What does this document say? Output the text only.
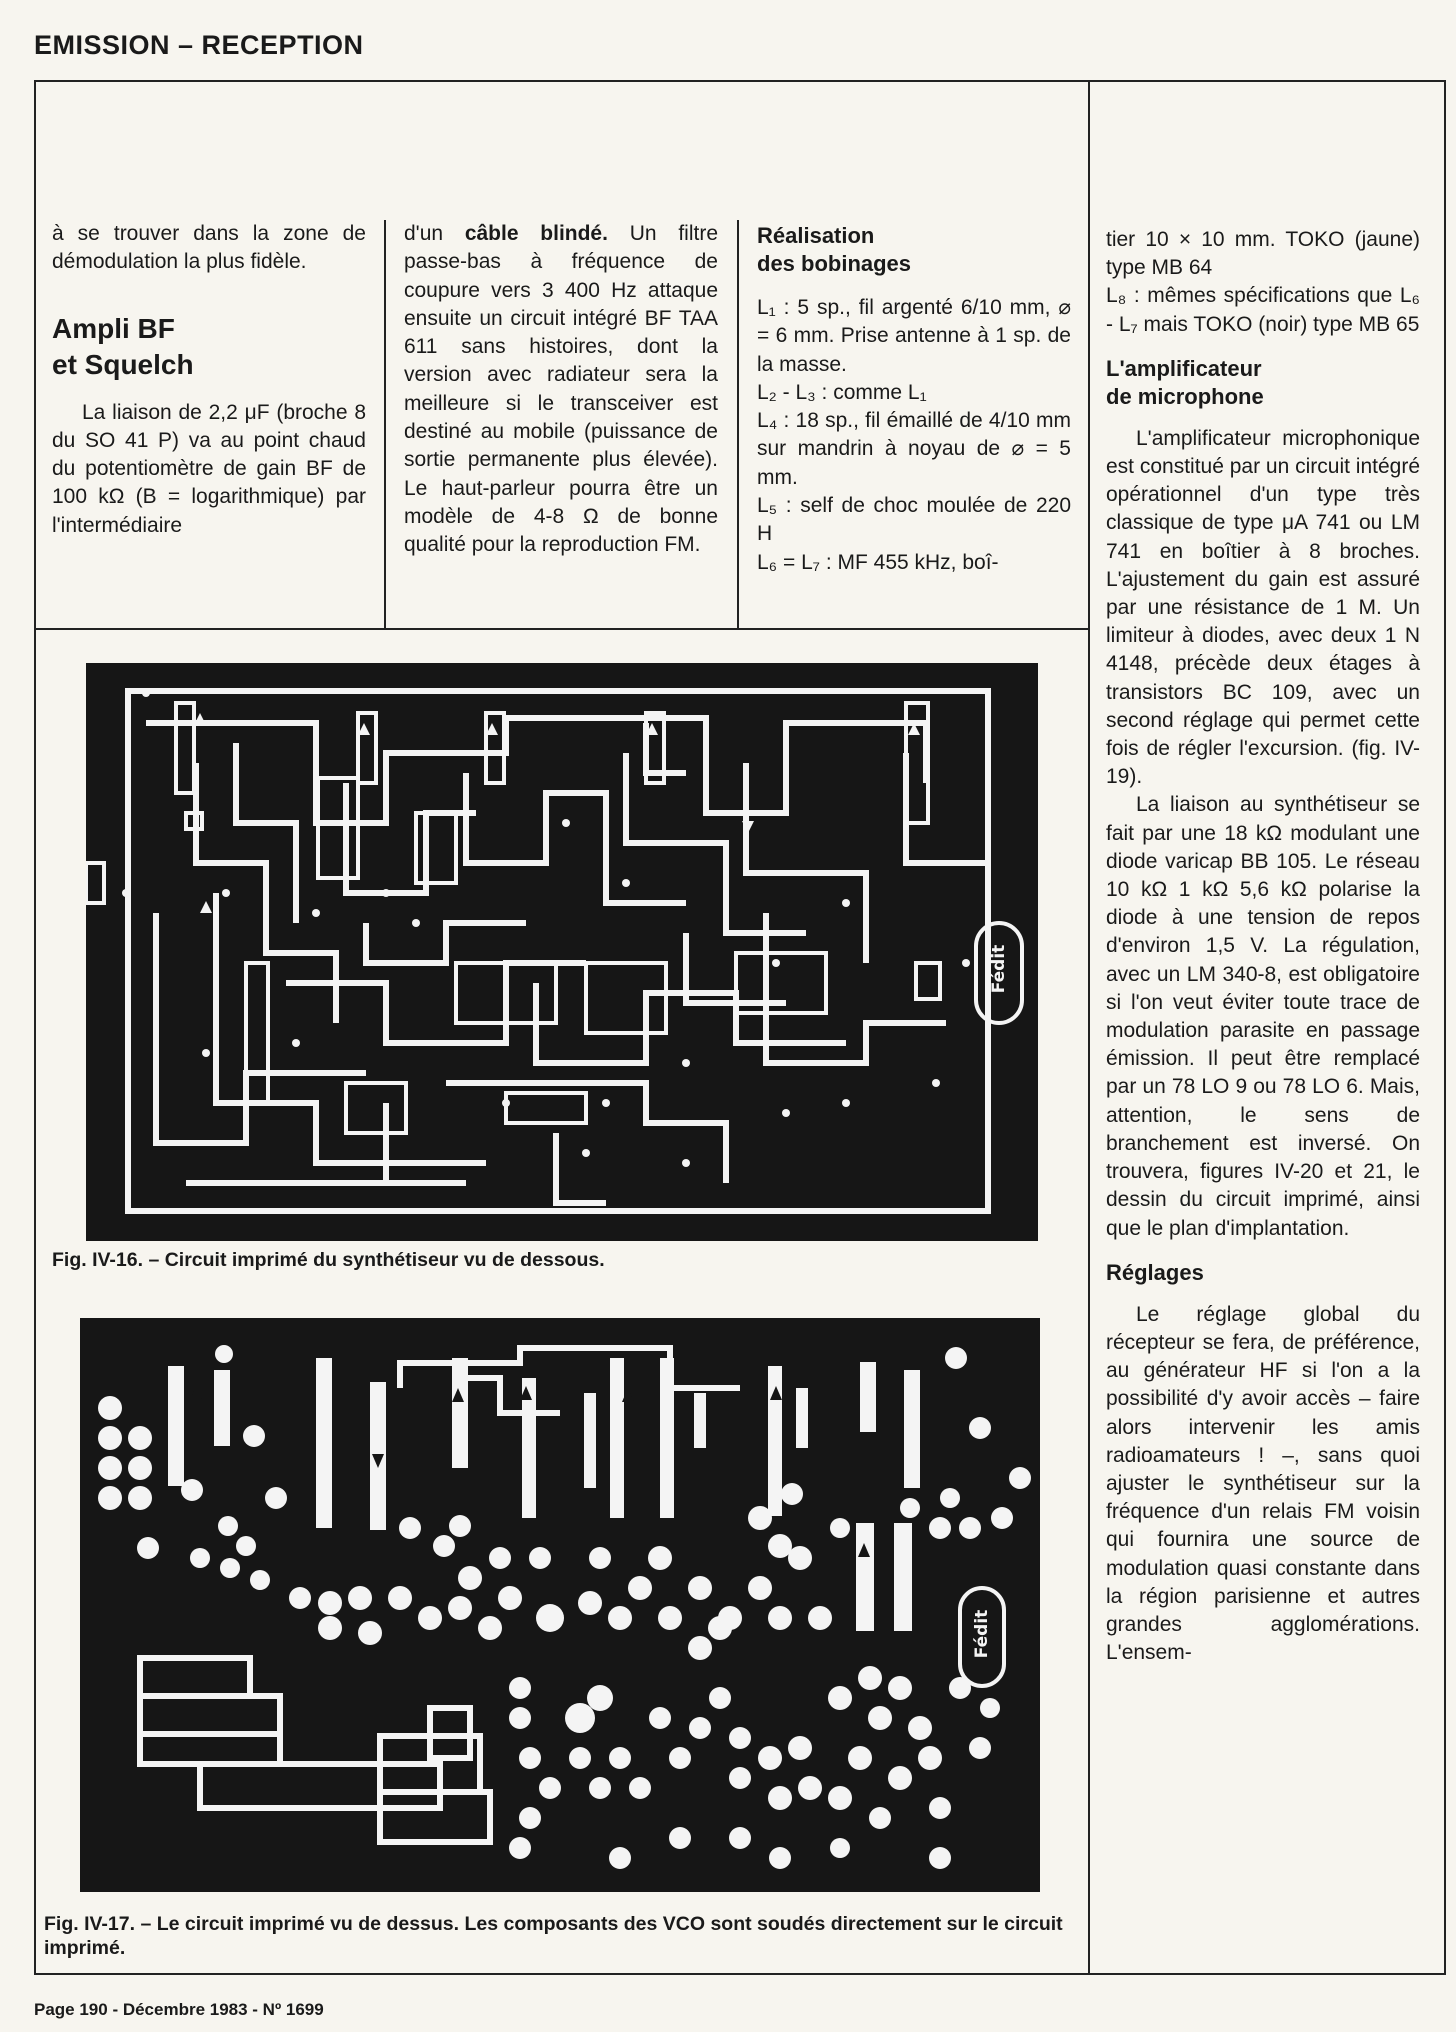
EMISSION – RECEPTION

à se trouver dans la zone de démodulation la plus fidèle.

Ampli BF
et Squelch

La liaison de 2,2 μF (broche 8 du SO 41 P) va au point chaud du potentiomètre de gain BF de 100 kΩ (B = logarithmique) par l'intermédiaire

d'un câble blindé. Un filtre passe-bas à fréquence de coupure vers 3 400 Hz attaque ensuite un circuit intégré BF TAA 611 sans histoires, dont la version avec radiateur sera la meilleure si le transceiver est destiné au mobile (puissance de sortie permanente plus élevée). Le haut-parleur pourra être un modèle de 4-8 Ω de bonne qualité pour la reproduction FM.

Réalisation
des bobinages

L₁ : 5 sp., fil argenté 6/10 mm, ⌀ = 6 mm. Prise antenne à 1 sp. de la masse.

L₂ - L₃ : comme L₁

L₄ : 18 sp., fil émaillé de 4/10 mm sur mandrin à noyau de ⌀ = 5 mm.

L₅ : self de choc moulée de 220 H

L₆ = L₇ : MF 455 kHz, boî-

tier 10 × 10 mm. TOKO (jaune) type MB 64

L₈ : mêmes spécifications que L₆ - L₇ mais TOKO (noir) type MB 65

L'amplificateur
de microphone

L'amplificateur microphonique est constitué par un circuit intégré opérationnel d'un type très classique de type μA 741 ou LM 741 en boîtier à 8 broches. L'ajustement du gain est assuré par une résistance de 1 M. Un limiteur à diodes, avec deux 1 N 4148, précède deux étages à transistors BC 109, avec un second réglage qui permet cette fois de régler l'excursion. (fig. IV-19).

La liaison au synthétiseur se fait par une 18 kΩ modulant une diode varicap BB 105. Le réseau 10 kΩ 1 kΩ 5,6 kΩ polarise la diode à une tension de repos d'environ 1,5 V. La régulation, avec un LM 340-8, est obligatoire si l'on veut éviter toute trace de modulation parasite en passage émission. Il peut être remplacé par un 78 LO 9 ou 78 LO 6. Mais, attention, le sens de branchement est inversé. On trouvera, figures IV-20 et 21, le dessin du circuit imprimé, ainsi que le plan d'implantation.

Réglages

Le réglage global du récepteur se fera, de préférence, au générateur HF si l'on a la possibilité d'y avoir accès – faire alors intervenir les amis radioamateurs ! –, sans quoi ajuster le synthétiseur sur la fréquence d'un relais FM voisin qui fournira une source de modulation quasi constante dans la région parisienne et autres grandes agglomérations. L'ensem-

Fédit
Fig. IV-16. – Circuit imprimé du synthétiseur vu de dessous.
Fédit
Fig. IV-17. – Le circuit imprimé vu de dessus. Les composants des VCO sont soudés directement sur le circuit imprimé.
Page 190 - Décembre 1983 - Nº 1699
